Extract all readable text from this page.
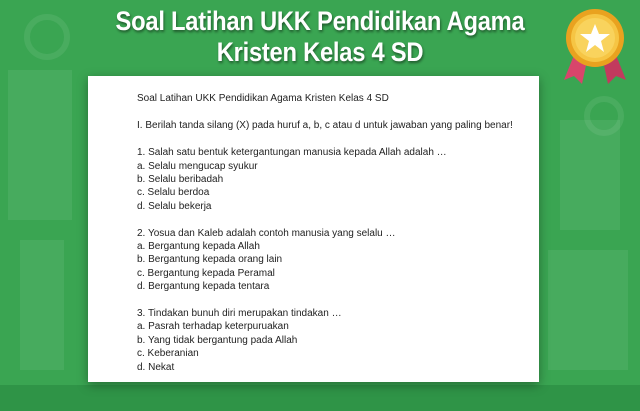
Soal Latihan UKK Pendidikan Agama
Kristen Kelas 4 SD
Soal Latihan UKK Pendidikan Agama Kristen Kelas 4 SD
I. Berilah tanda silang (X) pada huruf a, b, c atau d untuk jawaban yang paling benar!
1. Salah satu bentuk ketergantungan manusia kepada Allah adalah …
a. Selalu mengucap syukur
b. Selalu beribadah
c. Selalu berdoa
d. Selalu bekerja
2. Yosua dan Kaleb adalah contoh manusia yang selalu …
a. Bergantung kepada Allah
b. Bergantung kepada orang lain
c. Bergantung kepada Peramal
d. Bergantung kepada tentara
3. Tindakan bunuh diri merupakan tindakan …
a. Pasrah terhadap keterpuruakan
b. Yang tidak bergantung pada Allah
c. Keberanian
d. Nekat
